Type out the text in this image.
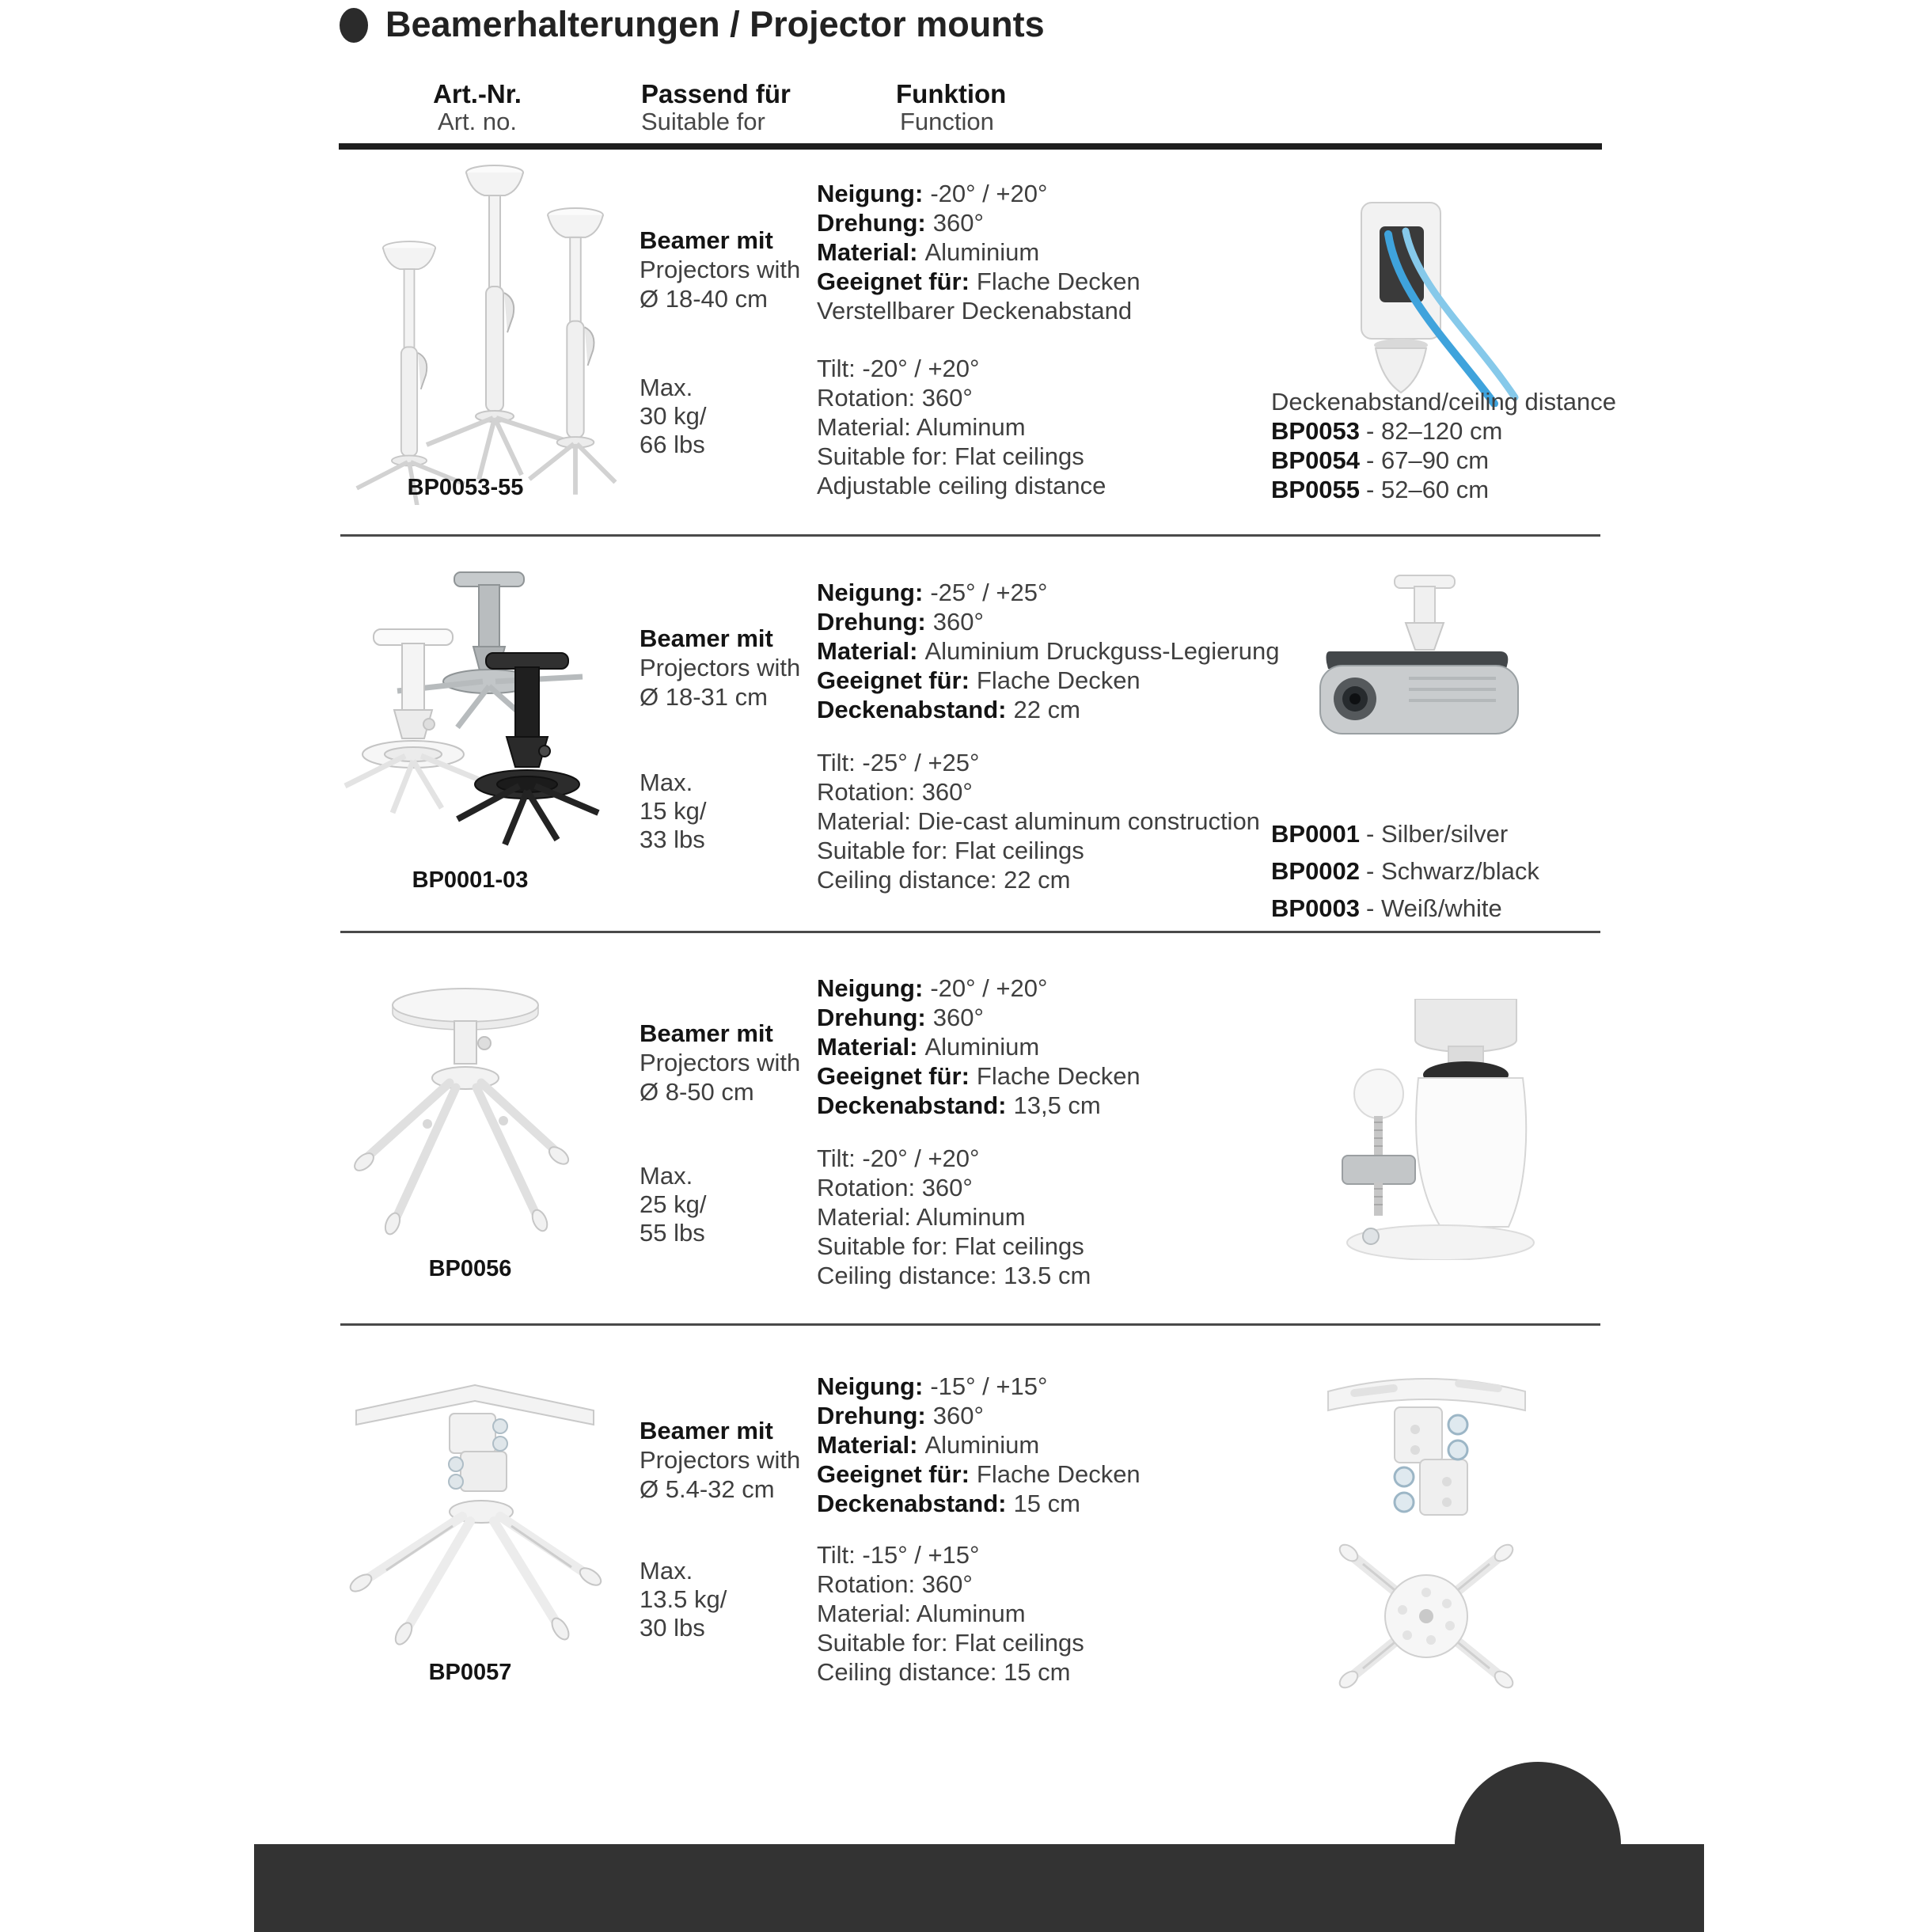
Beamerhalterungen / Projector mounts
Art.-Nr.
Art. no.
Passend für
Suitable for
Funktion
Function
BP0053-55
Beamer mit
Projectors with
Ø 18-40 cm
Max.
30 kg/
66 lbs
Neigung: -20° / +20°
Drehung: 360°
Material: Aluminium
Geeignet für: Flache Decken
Verstellbarer Deckenabstand
Tilt: -20° / +20°
Rotation: 360°
Material: Aluminum
Suitable for: Flat ceilings
Adjustable ceiling distance
Deckenabstand/ceiling distance
BP0053 - 82–120 cm
BP0054 - 67–90 cm
BP0055 - 52–60 cm
BP0001-03
Beamer mit
Projectors with
Ø 18-31 cm
Max.
15 kg/
33 lbs
Neigung: -25° / +25°
Drehung: 360°
Material: Aluminium Druckguss-Legierung
Geeignet für: Flache Decken
Deckenabstand: 22 cm
Tilt: -25° / +25°
Rotation: 360°
Material: Die-cast aluminum construction
Suitable for: Flat ceilings
Ceiling distance: 22 cm
BP0001 - Silber/silver
BP0002 - Schwarz/black
BP0003 - Weiß/white
BP0056
Beamer mit
Projectors with
Ø 8-50 cm
Max.
25 kg/
55 lbs
Neigung: -20° / +20°
Drehung: 360°
Material: Aluminium
Geeignet für: Flache Decken
Deckenabstand: 13,5 cm
Tilt: -20° / +20°
Rotation: 360°
Material: Aluminum
Suitable for: Flat ceilings
Ceiling distance: 13.5 cm
BP0057
Beamer mit
Projectors with
Ø 5.4-32 cm
Max.
13.5 kg/
30 lbs
Neigung: -15° / +15°
Drehung: 360°
Material: Aluminium
Geeignet für: Flache Decken
Deckenabstand: 15 cm
Tilt: -15° / +15°
Rotation: 360°
Material: Aluminum
Suitable for: Flat ceilings
Ceiling distance: 15 cm
